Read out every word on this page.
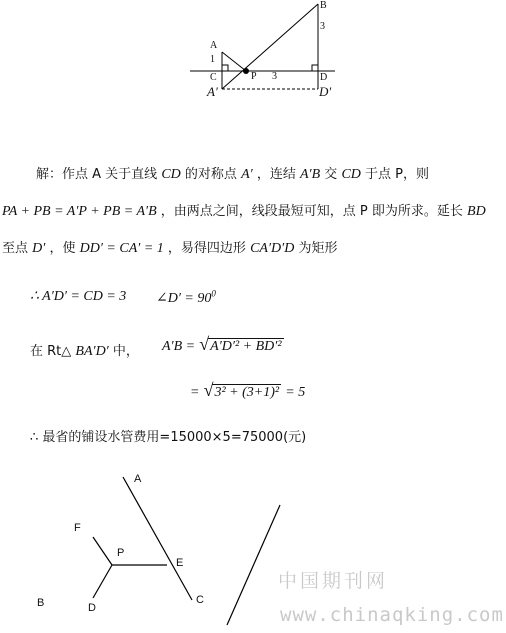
A
1
C
A′
P 3
B
3
D
D′
解：作点 A 关于直线 CD 的对称点 A′ ，连结 A′B 交 CD 于点 P，则
PA + PB = A′P + PB = A′B ，由两点之间，线段最短可知，点 P 即为所求。延长 BD
至点 D′ ，使 DD′ = CA′ = 1 ，易得四边形 CA′D′D 为矩形
∴ A′D′ = CD = 3 ∠D′ = $90^0$
在 Rt△ BA′D′ 中， A′B = √A′D′² + BD′²
= √3² + (3+1)² = 5
∴ 最省的铺设水管费用=15000×5=75000(元)
A
F
P
E
B	D
C
中国期刊网
www.chinaqking.com
